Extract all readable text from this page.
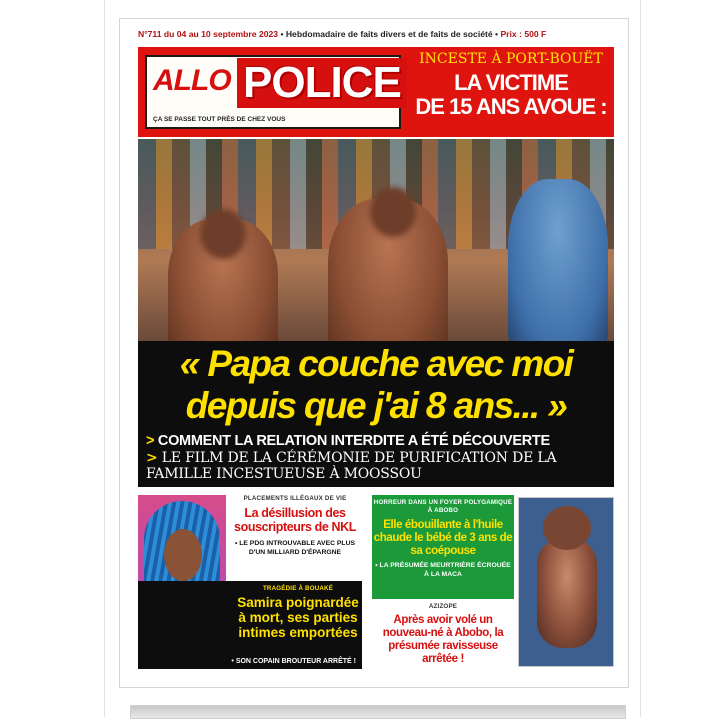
N°711 du 04 au 10 septembre 2023 • Hebdomadaire de faits divers et de faits de société • Prix : 500 F
ALLO POLICE
ÇA SE PASSE TOUT PRÈS DE CHEZ VOUS
INCESTE À PORT-BOUËT
LA VICTIME
DE 15 ANS AVOUE :
« Papa couche avec moi
depuis que j'ai 8 ans... »
> COMMENT LA RELATION INTERDITE A ÉTÉ DÉCOUVERTE
> LE FILM DE LA CÉRÉMONIE DE PURIFICATION DE LA FAMILLE INCESTUEUSE À MOOSSOU
PLACEMENTS ILLÉGAUX DE VIE
La désillusion des souscripteurs de NKL
• LE PDG INTROUVABLE AVEC PLUS D'UN MILLIARD D'ÉPARGNE
TRAGÉDIE À BOUAKÉ
Samira poignardée à mort, ses parties intimes emportées
• SON COPAIN BROUTEUR ARRÊTÉ !
HORREUR DANS UN FOYER POLYGAMIQUE À ABOBO
Elle ébouillante à l'huile chaude le bébé de 3 ans de sa coépouse
• LA PRÉSUMÉE MEURTRIÈRE ÉCROUÉE À LA MACA
AZIZOPE
Après avoir volé un nouveau-né à Abobo, la présumée ravisseuse arrêtée !
